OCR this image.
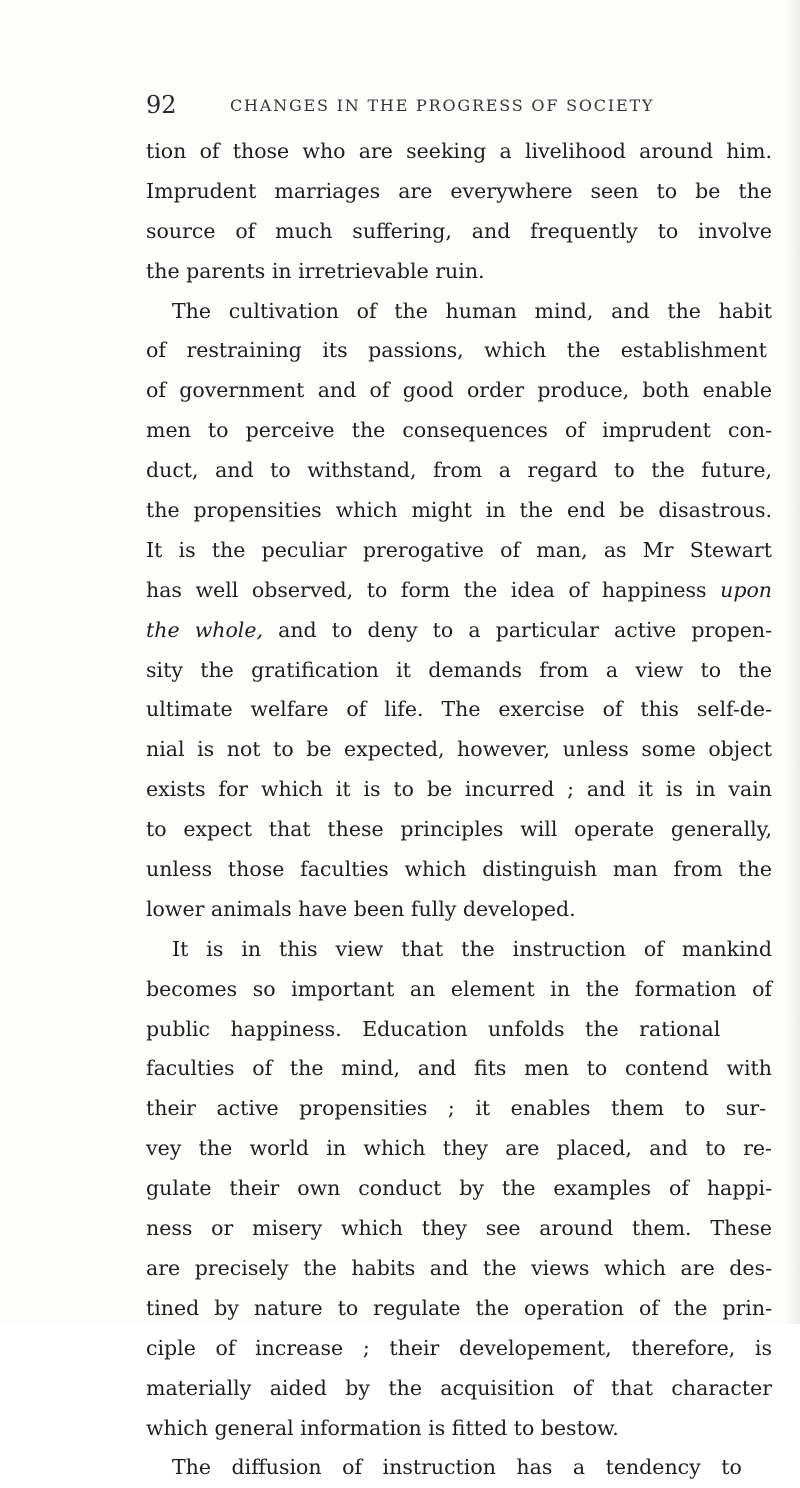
92	CHANGES IN THE PROGRESS OF SOCIETY
tion of those who are seeking a livelihood around him.
Imprudent marriages are everywhere seen to be the
source of much suffering, and frequently to involve
the parents in irretrievable ruin.
The cultivation of the human mind, and the habit
of restraining its passions, which the establishment
of government and of good order produce, both enable
men to perceive the consequences of imprudent con-
duct, and to withstand, from a regard to the future,
the propensities which might in the end be disastrous.
It is the peculiar prerogative of man, as Mr Stewart
has well observed, to form the idea of happiness upon
the whole, and to deny to a particular active propen-
sity the gratification it demands from a view to the
ultimate welfare of life. The exercise of this self-de-
nial is not to be expected, however, unless some object
exists for which it is to be incurred ; and it is in vain
to expect that these principles will operate generally,
unless those faculties which distinguish man from the
lower animals have been fully developed.
It is in this view that the instruction of mankind
becomes so important an element in the formation of
public happiness. Education unfolds the rational
faculties of the mind, and fits men to contend with
their active propensities ; it enables them to sur-
vey the world in which they are placed, and to re-
gulate their own conduct by the examples of happi-
ness or misery which they see around them. These
are precisely the habits and the views which are des-
tined by nature to regulate the operation of the prin-
ciple of increase ; their developement, therefore, is
materially aided by the acquisition of that character
which general information is fitted to bestow.
The diffusion of instruction has a tendency to
